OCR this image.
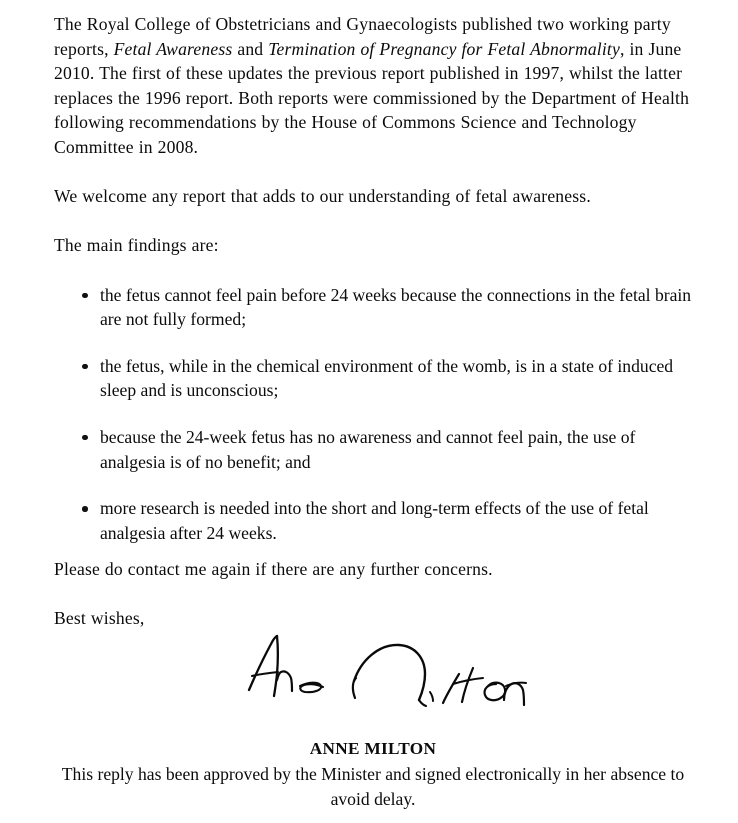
The Royal College of Obstetricians and Gynaecologists published two working party reports, Fetal Awareness and Termination of Pregnancy for Fetal Abnormality, in June 2010. The first of these updates the previous report published in 1997, whilst the latter replaces the 1996 report. Both reports were commissioned by the Department of Health following recommendations by the House of Commons Science and Technology Committee in 2008.

We welcome any report that adds to our understanding of fetal awareness.

The main findings are:

the fetus cannot feel pain before 24 weeks because the connections in the fetal brain are not fully formed;
the fetus, while in the chemical environment of the womb, is in a state of induced sleep and is unconscious;
because the 24-week fetus has no awareness and cannot feel pain, the use of analgesia is of no benefit; and
more research is needed into the short and long-term effects of the use of fetal analgesia after 24 weeks.

Please do contact me again if there are any further concerns.

Best wishes,

ANNE MILTON

This reply has been approved by the Minister and signed electronically in her absence to avoid delay.
